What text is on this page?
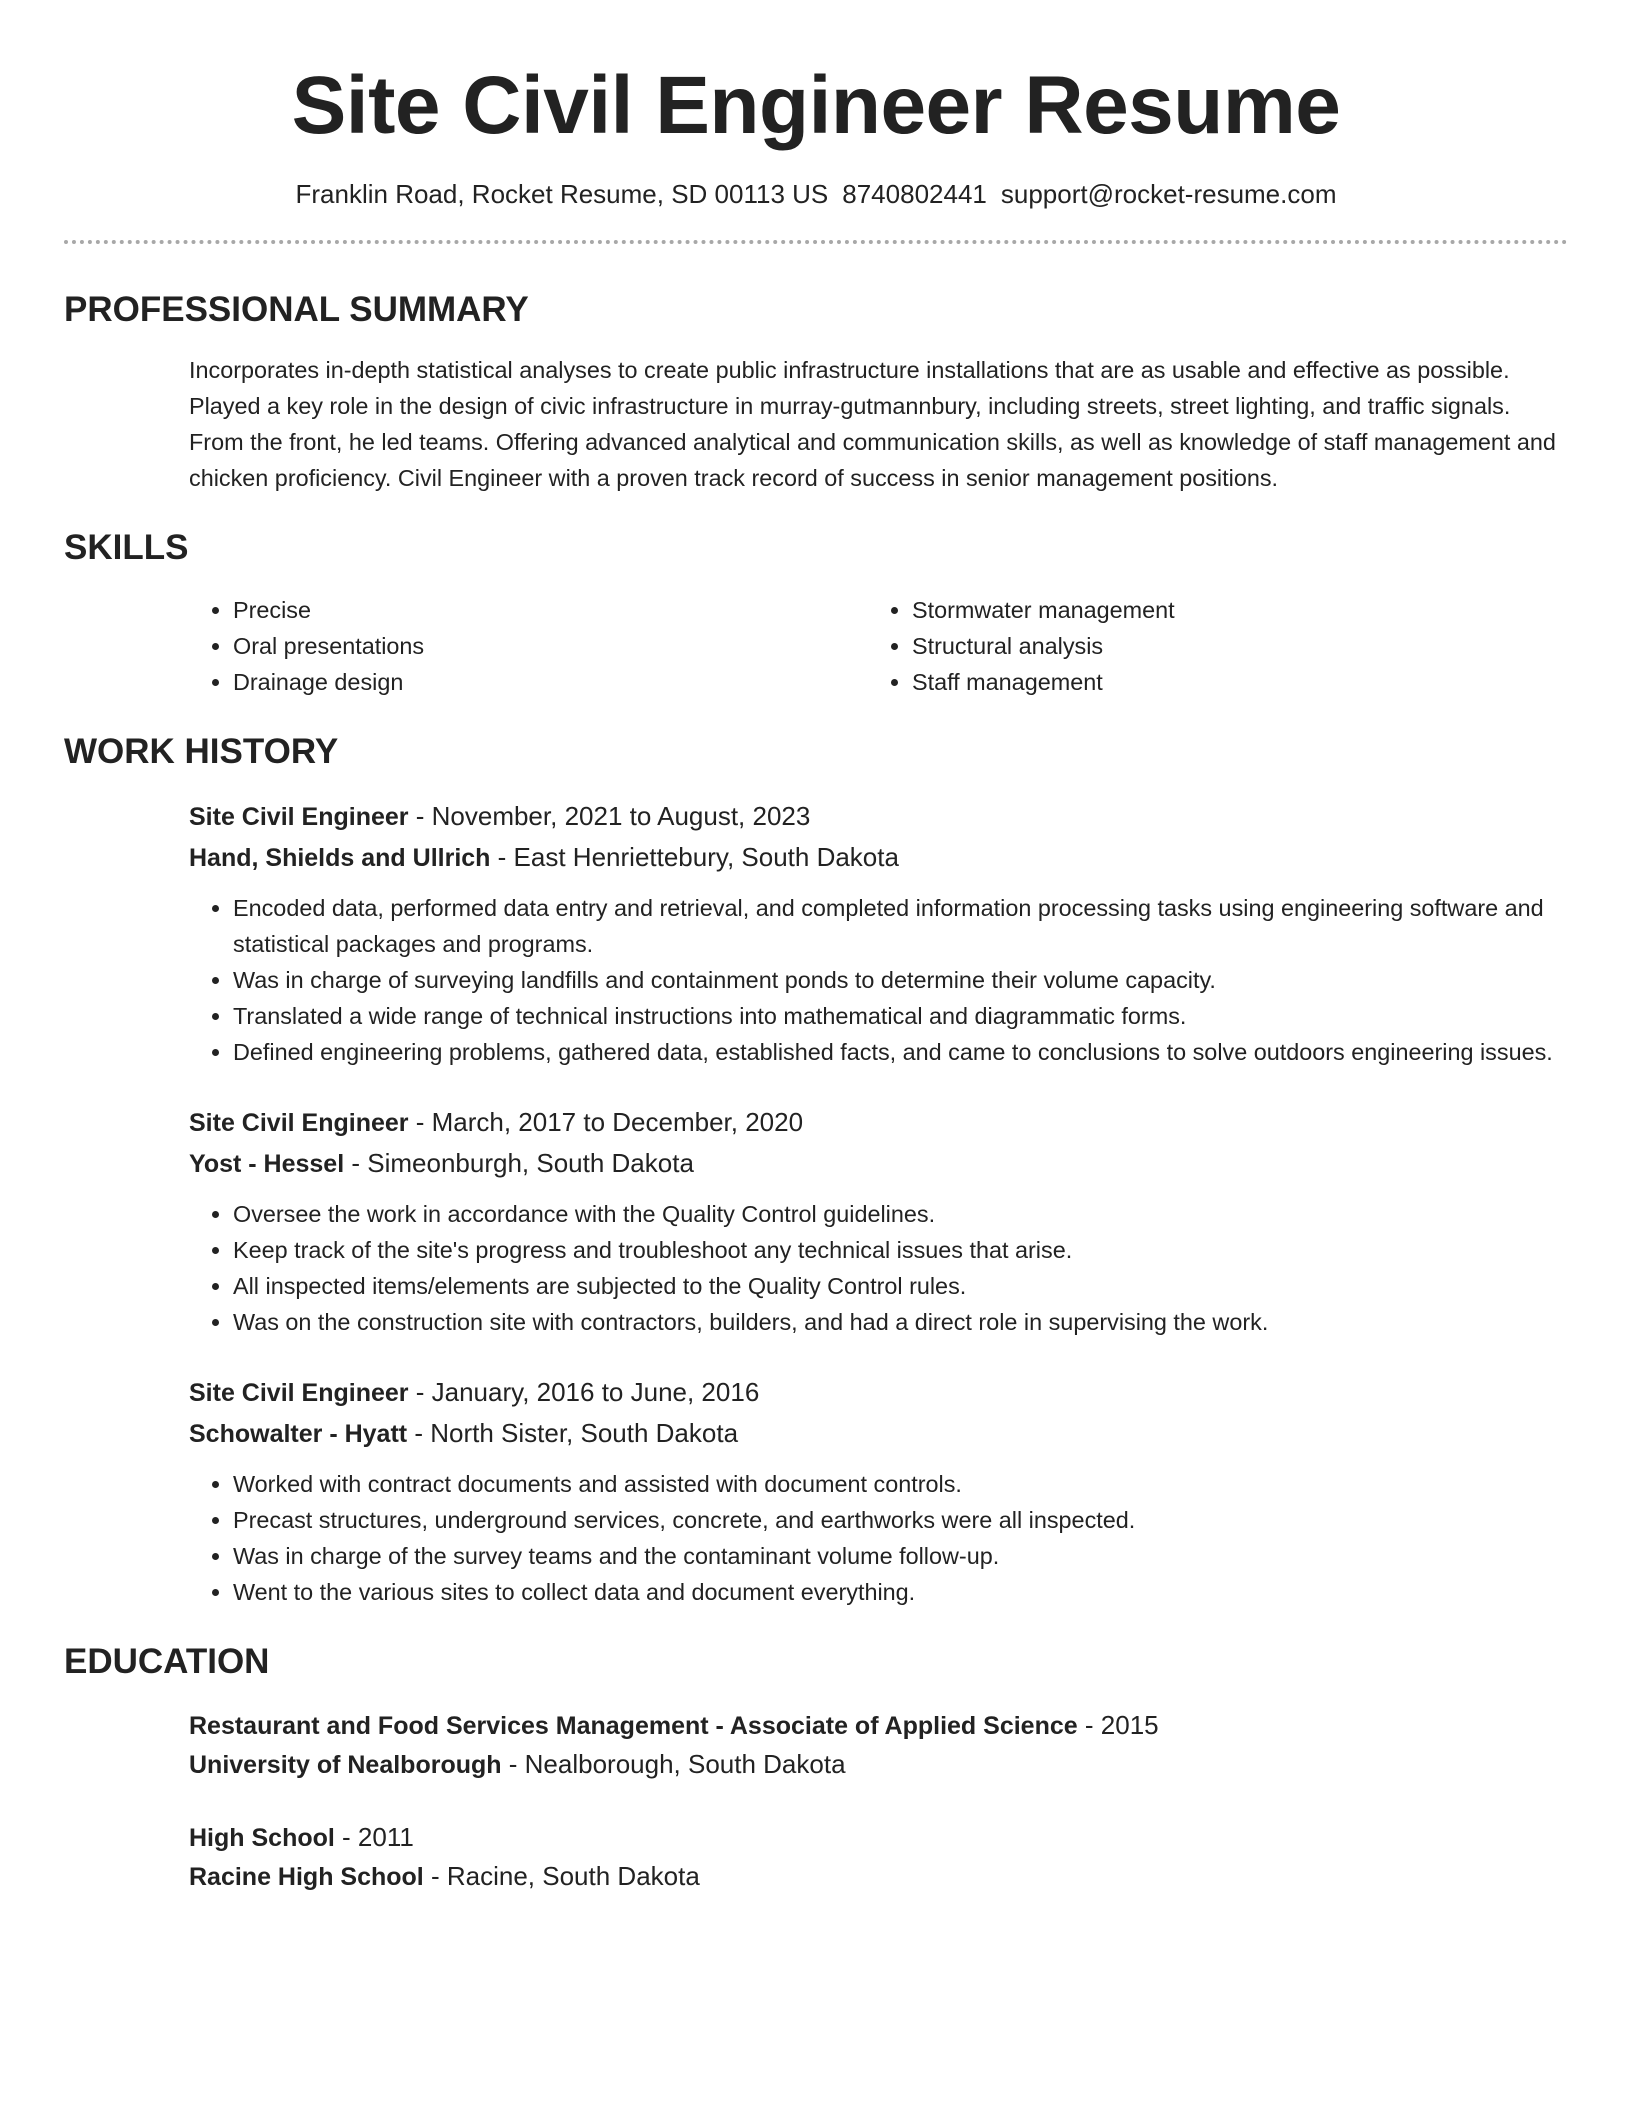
Site Civil Engineer Resume
Franklin Road, Rocket Resume, SD 00113 US 8740802441 support@rocket-resume.com
PROFESSIONAL SUMMARY
Incorporates in-depth statistical analyses to create public infrastructure installations that are as usable and effective as possible. Played a key role in the design of civic infrastructure in murray-gutmannbury, including streets, street lighting, and traffic signals. From the front, he led teams. Offering advanced analytical and communication skills, as well as knowledge of staff management and chicken proficiency. Civil Engineer with a proven track record of success in senior management positions.
SKILLS
• Precise
• Oral presentations
• Drainage design
• Stormwater management
• Structural analysis
• Staff management
WORK HISTORY
Site Civil Engineer - November, 2021 to August, 2023
Hand, Shields and Ullrich - East Henriettebury, South Dakota
• Encoded data, performed data entry and retrieval, and completed information processing tasks using engineering software and statistical packages and programs.
• Was in charge of surveying landfills and containment ponds to determine their volume capacity.
• Translated a wide range of technical instructions into mathematical and diagrammatic forms.
• Defined engineering problems, gathered data, established facts, and came to conclusions to solve outdoors engineering issues.
Site Civil Engineer - March, 2017 to December, 2020
Yost - Hessel - Simeonburgh, South Dakota
• Oversee the work in accordance with the Quality Control guidelines.
• Keep track of the site's progress and troubleshoot any technical issues that arise.
• All inspected items/elements are subjected to the Quality Control rules.
• Was on the construction site with contractors, builders, and had a direct role in supervising the work.
Site Civil Engineer - January, 2016 to June, 2016
Schowalter - Hyatt - North Sister, South Dakota
• Worked with contract documents and assisted with document controls.
• Precast structures, underground services, concrete, and earthworks were all inspected.
• Was in charge of the survey teams and the contaminant volume follow-up.
• Went to the various sites to collect data and document everything.
EDUCATION
Restaurant and Food Services Management - Associate of Applied Science - 2015
University of Nealborough - Nealborough, South Dakota
High School - 2011
Racine High School - Racine, South Dakota
